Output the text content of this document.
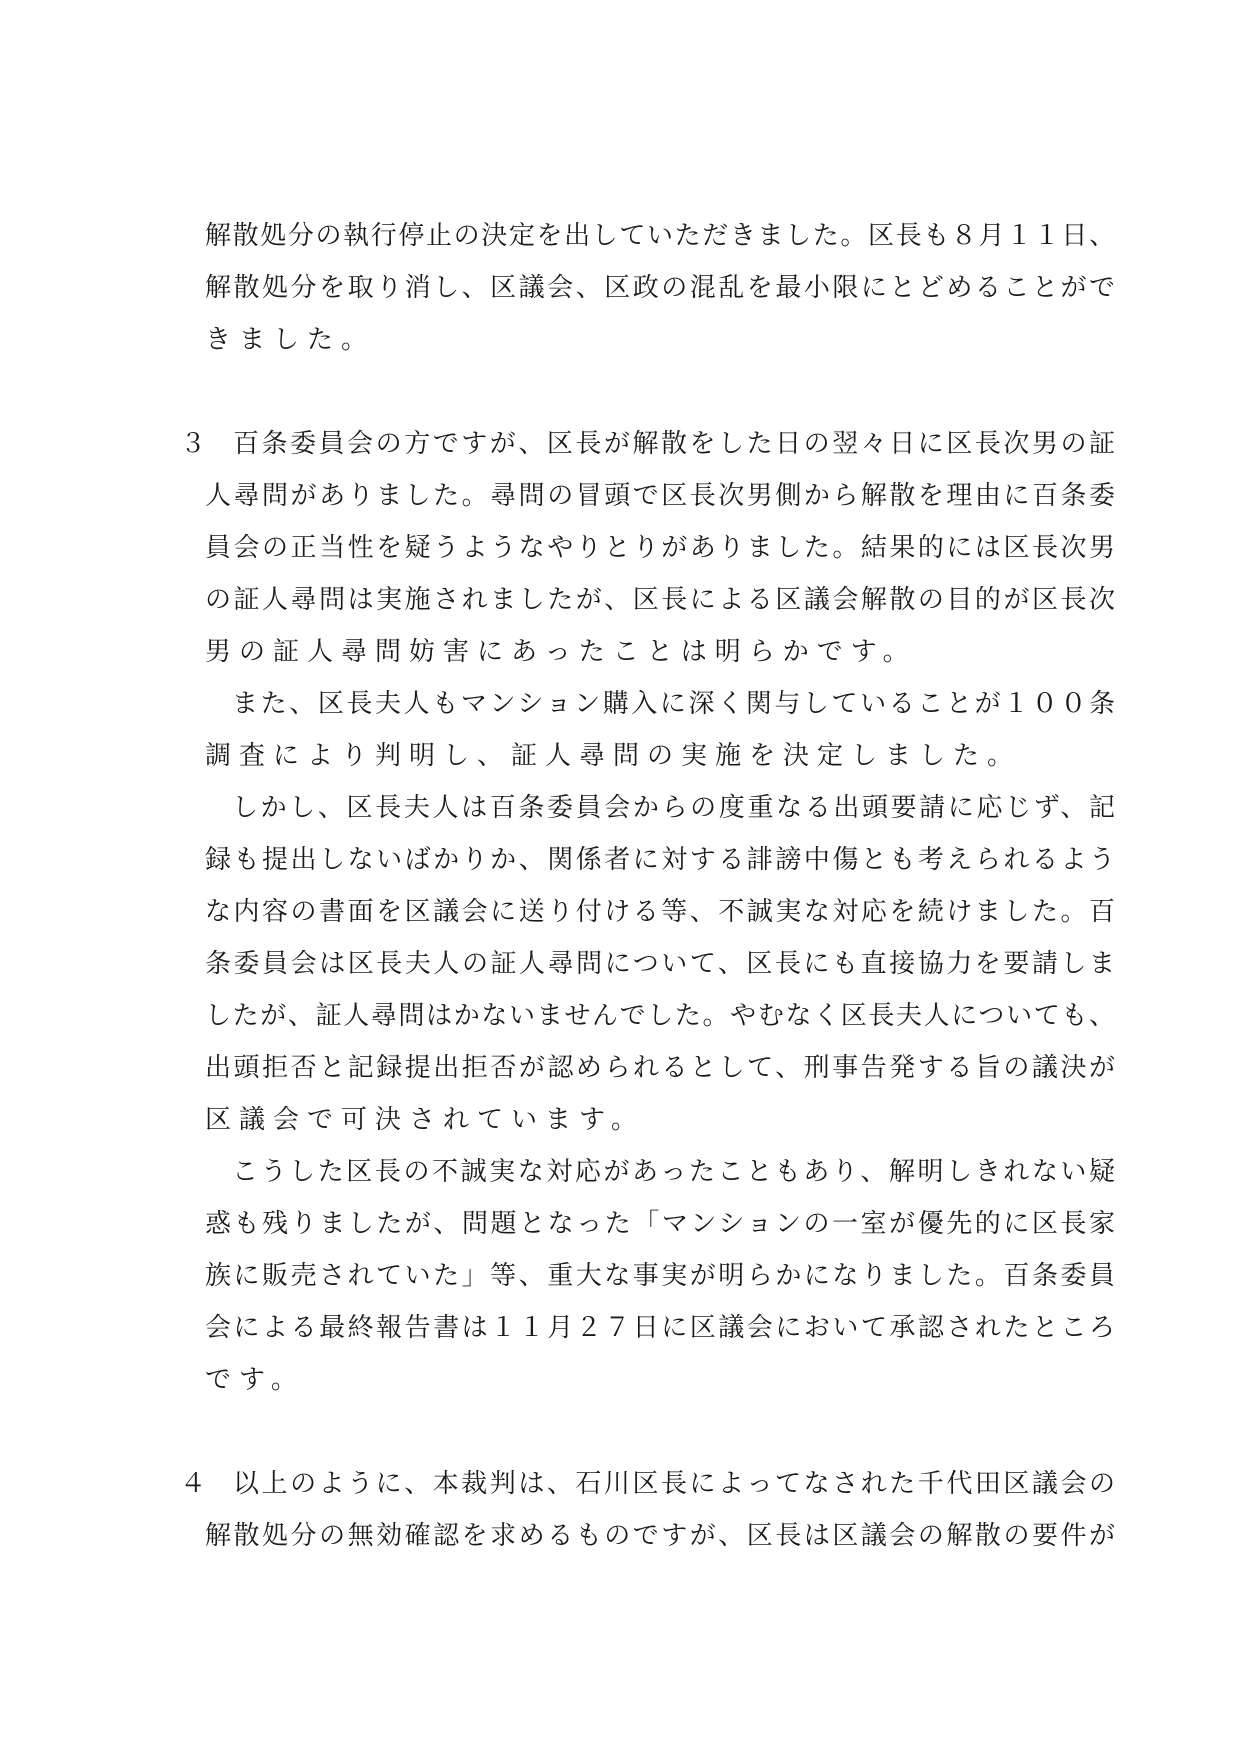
解散処分の執行停止の決定を出していただきました。区長も８月１１日、
解散処分を取り消し、区議会、区政の混乱を最小限にとどめることがで
きました。
３ 百条委員会の方ですが、区長が解散をした日の翌々日に区長次男の証
人尋問がありました。尋問の冒頭で区長次男側から解散を理由に百条委
員会の正当性を疑うようなやりとりがありました。結果的には区長次男
の証人尋問は実施されましたが、区長による区議会解散の目的が区長次
男の証人尋問妨害にあったことは明らかです。
また、区長夫人もマンション購入に深く関与していることが１００条
調査により判明し、証人尋問の実施を決定しました。
しかし、区長夫人は百条委員会からの度重なる出頭要請に応じず、記
録も提出しないばかりか、関係者に対する誹謗中傷とも考えられるよう
な内容の書面を区議会に送り付ける等、不誠実な対応を続けました。百
条委員会は区長夫人の証人尋問について、区長にも直接協力を要請しま
したが、証人尋問はかないませんでした。やむなく区長夫人についても、
出頭拒否と記録提出拒否が認められるとして、刑事告発する旨の議決が
区議会で可決されています。
こうした区長の不誠実な対応があったこともあり、解明しきれない疑
惑も残りましたが、問題となった「マンションの一室が優先的に区長家
族に販売されていた」等、重大な事実が明らかになりました。百条委員
会による最終報告書は１１月２７日に区議会において承認されたところ
です。
４ 以上のように、本裁判は、石川区長によってなされた千代田区議会の
解散処分の無効確認を求めるものですが、区長は区議会の解散の要件が
